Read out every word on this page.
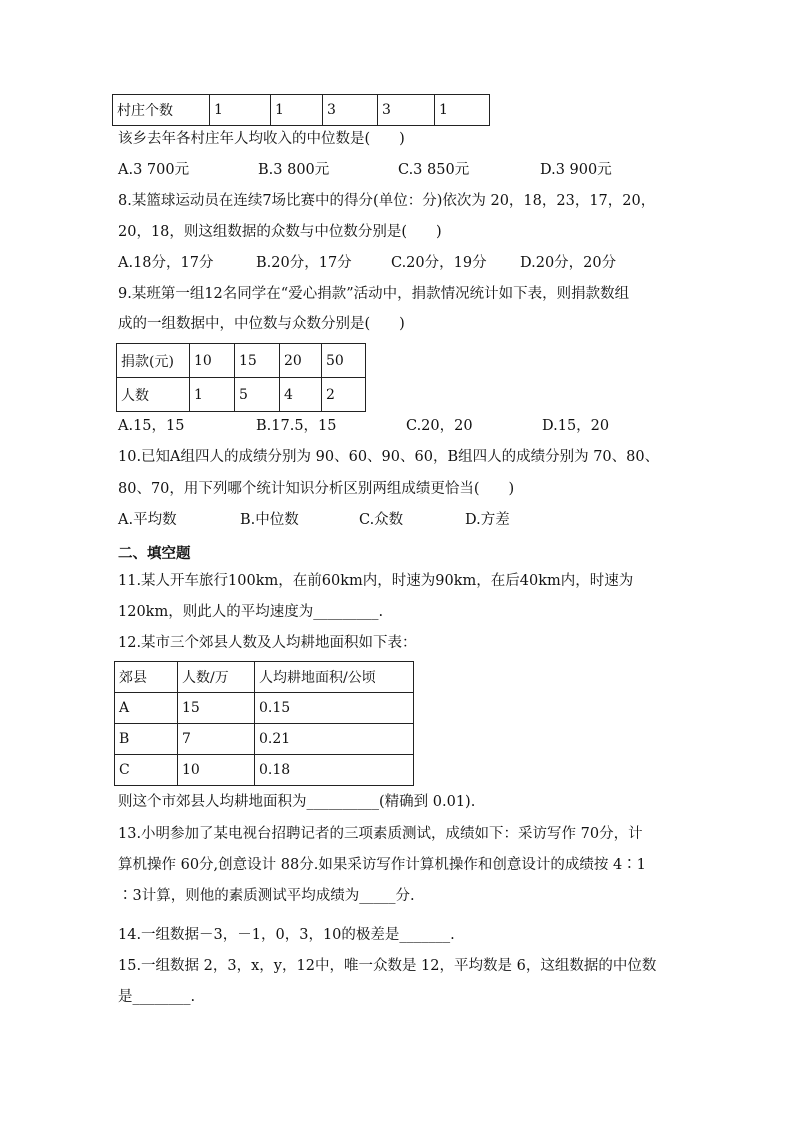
村庄个数	1	1	3	3	1
该乡去年各村庄年人均收入的中位数是(　　)
A.3 700元	B.3 800元	C.3 850元	D.3 900元
8.某篮球运动员在连续7场比赛中的得分(单位：分)依次为 20，18，23，17，20，
20，18，则这组数据的众数与中位数分别是(　　)
A.18分，17分	B.20分，17分	C.20分，19分 D.20分，20分
9.某班第一组12名同学在“爱心捐款”活动中，捐款情况统计如下表，则捐款数组
成的一组数据中，中位数与众数分别是(　　)
捐款(元)	10	15	20	50
人数	1	5	4	2
A.15，15	B.17.5，15	C.20，20	D.15，20
10.已知A组四人的成绩分别为 90、60、90、60，B组四人的成绩分别为 70、80、
80、70，用下列哪个统计知识分析区别两组成绩更恰当(　　)
A.平均数	B.中位数	C.众数	D.方差
二、填空题
11.某人开车旅行100km，在前60km内，时速为90km，在后40km内，时速为
120km，则此人的平均速度为_________.
12.某市三个郊县人数及人均耕地面积如下表：
郊县	人数/万	人均耕地面积/公顷
A	15	0.15
B	7	0.21
C	10	0.18
则这个市郊县人均耕地面积为__________(精确到 0.01).
13.小明参加了某电视台招聘记者的三项素质测试，成绩如下：采访写作 70分，计
算机操作 60分,创意设计 88分.如果采访写作计算机操作和创意设计的成绩按 4∶1
∶3计算，则他的素质测试平均成绩为_____分.
14.一组数据－3，－1，0，3，10的极差是_______.
15.一组数据 2，3，x，y，12中，唯一众数是 12，平均数是 6，这组数据的中位数
是________.
